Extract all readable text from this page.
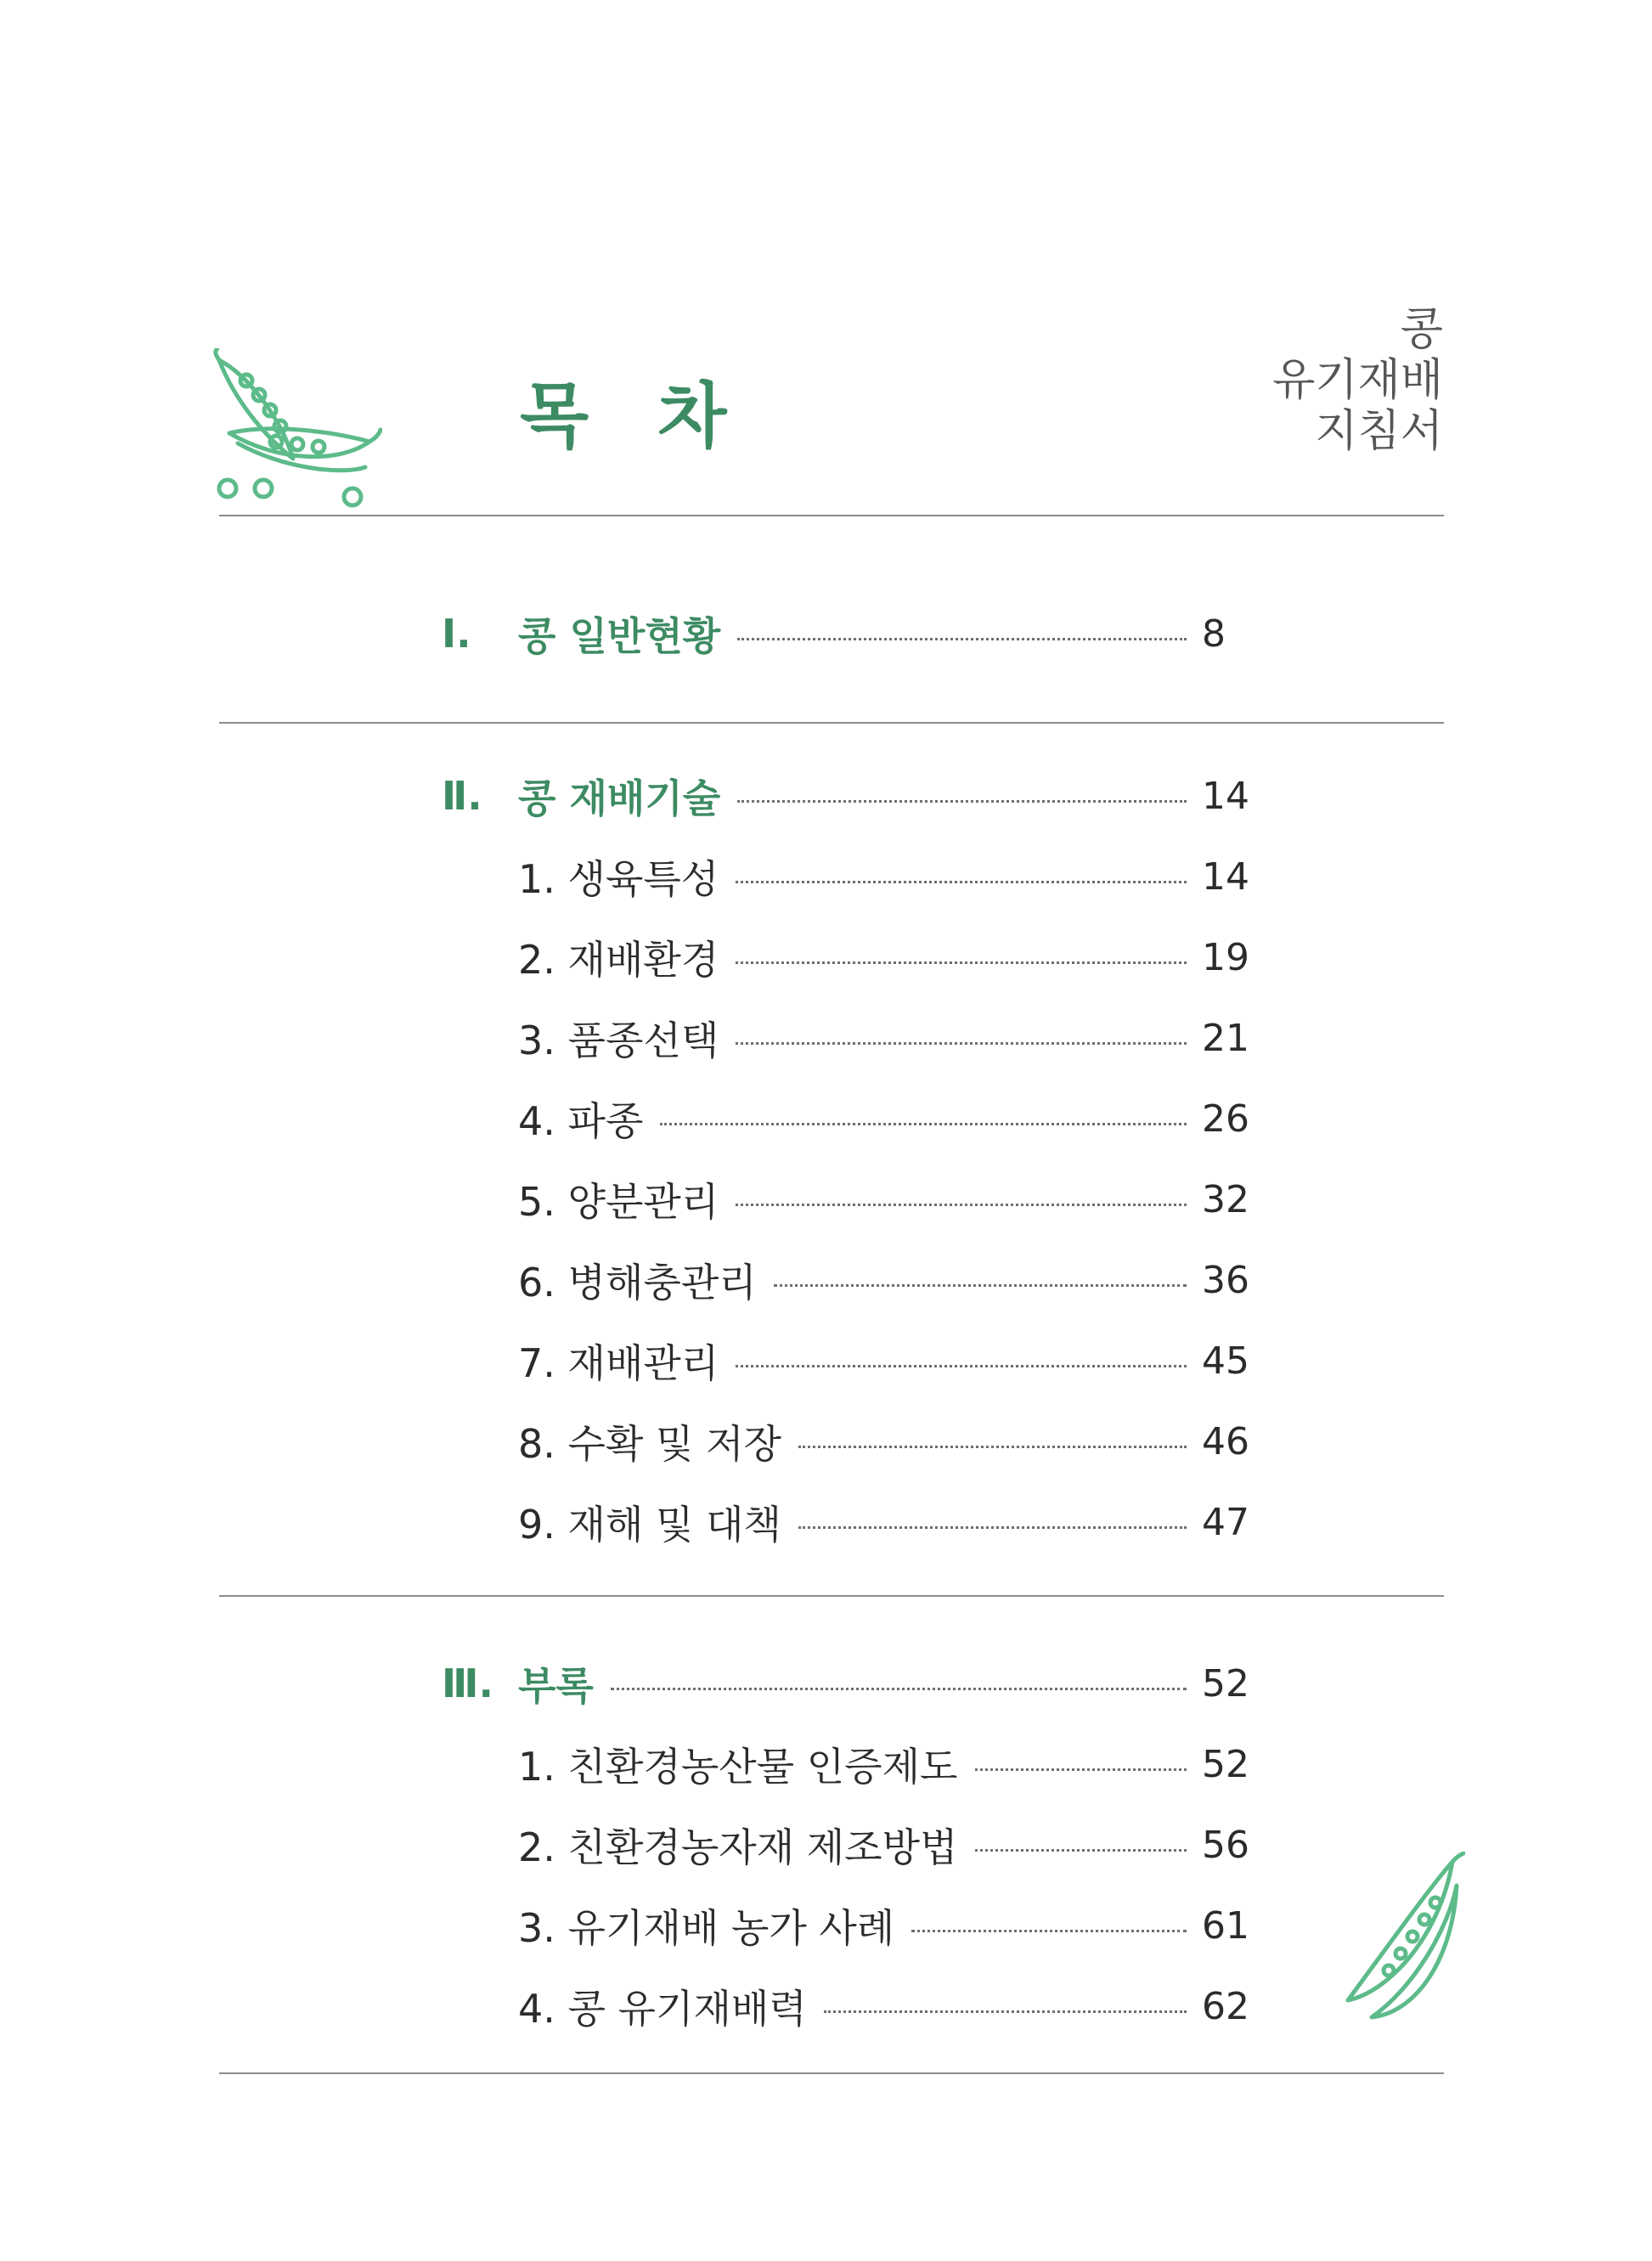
목 차
콩
유기재배
지침서
Ⅰ.	콩 일반현황	8
Ⅱ. 콩 재배기술	14
1. 생육특성	14
2. 재배환경	19
3. 품종선택	21
4. 파종	26
5. 양분관리	32
6. 병해충관리	36
7. 재배관리	45
8. 수확 및 저장	46
9. 재해 및 대책	47
Ⅲ. 부록	52
1. 친환경농산물 인증제도	52
2. 친환경농자재 제조방법	56
3. 유기재배 농가 사례	61
4. 콩 유기재배력	62
